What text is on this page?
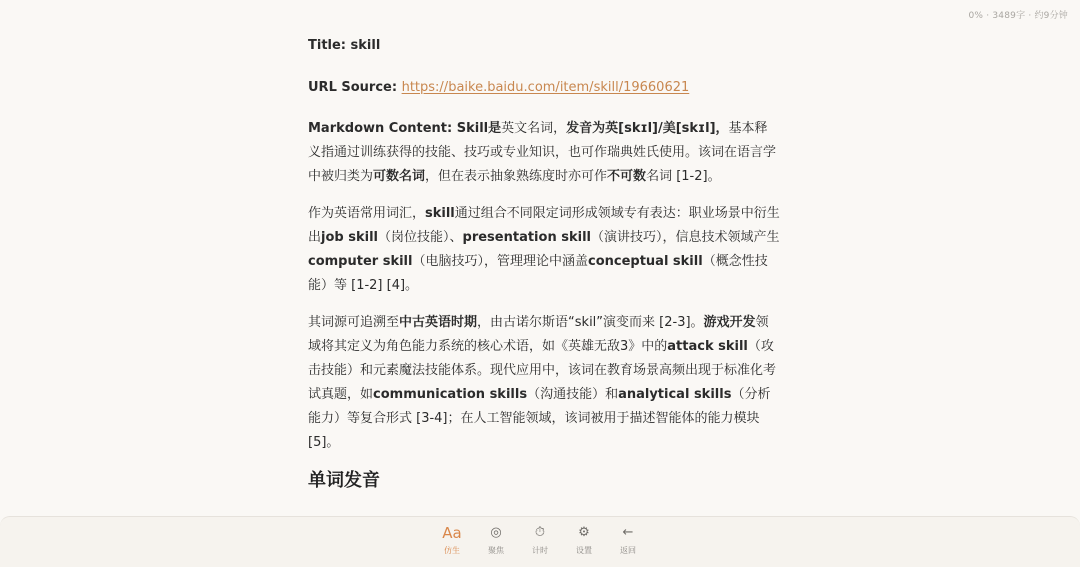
0% · 3489字 · 约9分钟

Title: skill

URL Source: https://baike.baidu.com/item/skill/19660621

Markdown Content: Skill是英文名词，发音为英[skɪl]/美[skɪl]，基本释义指通过训练获得的技能、技巧或专业知识，也可作瑞典姓氏使用。该词在语言学中被归类为可数名词，但在表示抽象熟练度时亦可作不可数名词 [1-2]。

作为英语常用词汇，skill通过组合不同限定词形成领域专有表达：职业场景中衍生出job skill（岗位技能）、presentation skill（演讲技巧），信息技术领域产生computer skill（电脑技巧），管理理论中涵盖conceptual skill（概念性技能）等 [1-2] [4]。

其词源可追溯至中古英语时期，由古诺尔斯语“skil”演变而来 [2-3]。游戏开发领域将其定义为角色能力系统的核心术语，如《英雄无敌3》中的attack skill（攻击技能）和元素魔法技能体系。现代应用中，该词在教育场景高频出现于标准化考试真题，如communication skills（沟通技能）和analytical skills（分析能力）等复合形式 [3-4]；在人工智能领域，该词被用于描述智能体的能力模块 [5]。

单词发音
Aa
仿生
◎
聚焦
⏱
计时
⚙
设置
←
返回
